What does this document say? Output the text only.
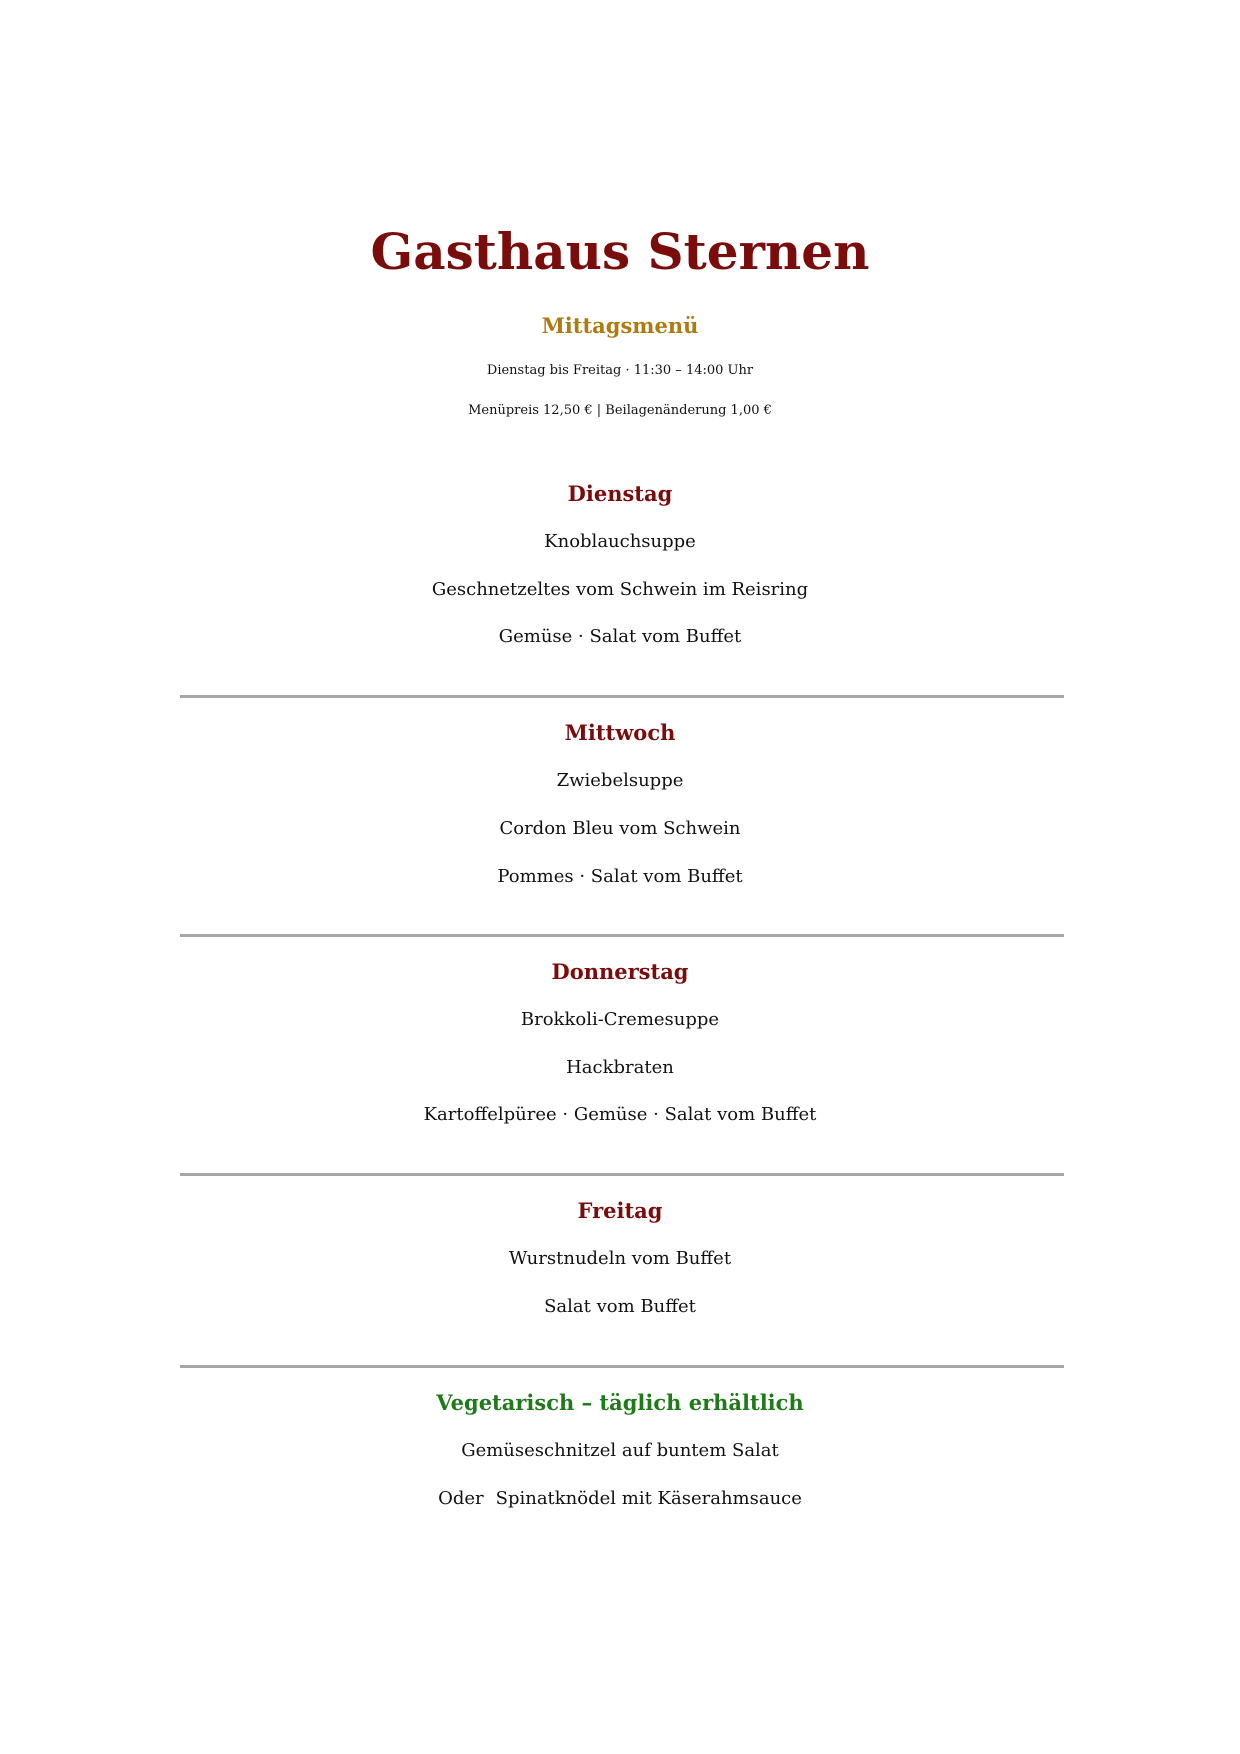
Gasthaus Sternen
Mittagsmenü
Dienstag bis Freitag · 11:30 – 14:00 Uhr
Menüpreis 12,50 € | Beilagenänderung 1,00 €
Dienstag
Knoblauchsuppe
Geschnetzeltes vom Schwein im Reisring
Gemüse · Salat vom Buffet
Mittwoch
Zwiebelsuppe
Cordon Bleu vom Schwein
Pommes · Salat vom Buffet
Donnerstag
Brokkoli-Cremesuppe
Hackbraten
Kartoffelpüree · Gemüse · Salat vom Buffet
Freitag
Wurstnudeln vom Buffet
Salat vom Buffet
Vegetarisch – täglich erhältlich
Gemüseschnitzel auf buntem Salat
Oder Spinatknödel mit Käserahmsauce
